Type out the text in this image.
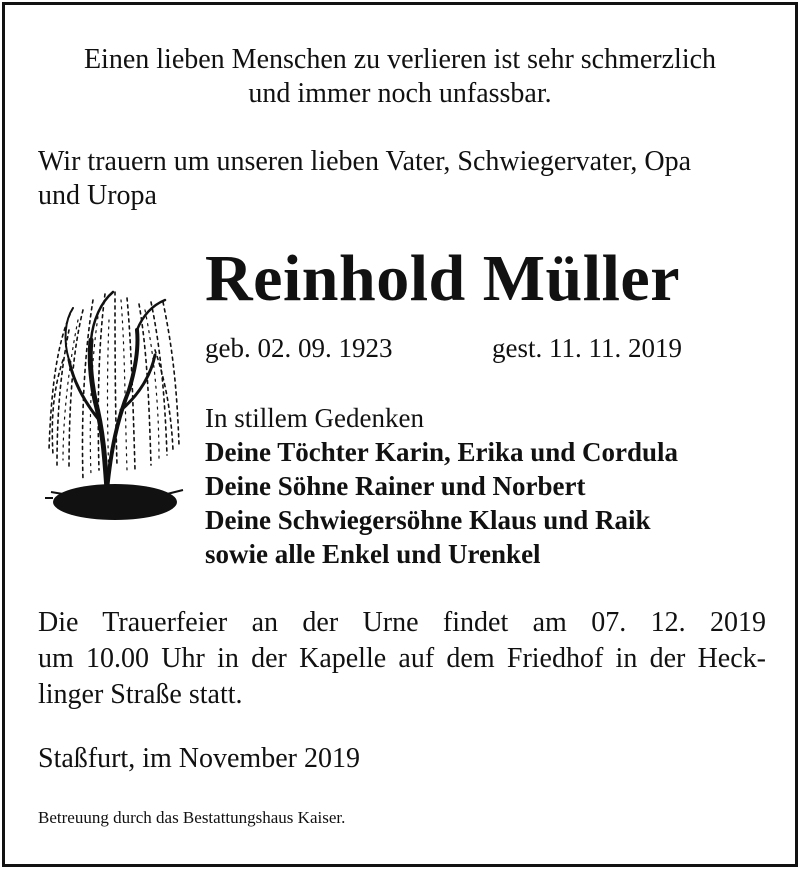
Einen lieben Menschen zu verlieren ist sehr schmerzlich

und immer noch unfassbar.

Wir trauern um unseren lieben Vater, Schwiegervater, Opa

und Uropa

Reinhold Müller

geb. 02. 09. 1923	gest. 11. 11. 2019

In stillem Gedenken

Deine Töchter Karin, Erika und Cordula

Deine Söhne Rainer und Norbert

Deine Schwiegersöhne Klaus und Raik

sowie alle Enkel und Urenkel

Die Trauerfeier an der Urne findet am 07. 12. 2019

um 10.00 Uhr in der Kapelle auf dem Friedhof in der Heck-

linger Straße statt.

Staßfurt, im November 2019

Betreuung durch das Bestattungshaus Kaiser.
